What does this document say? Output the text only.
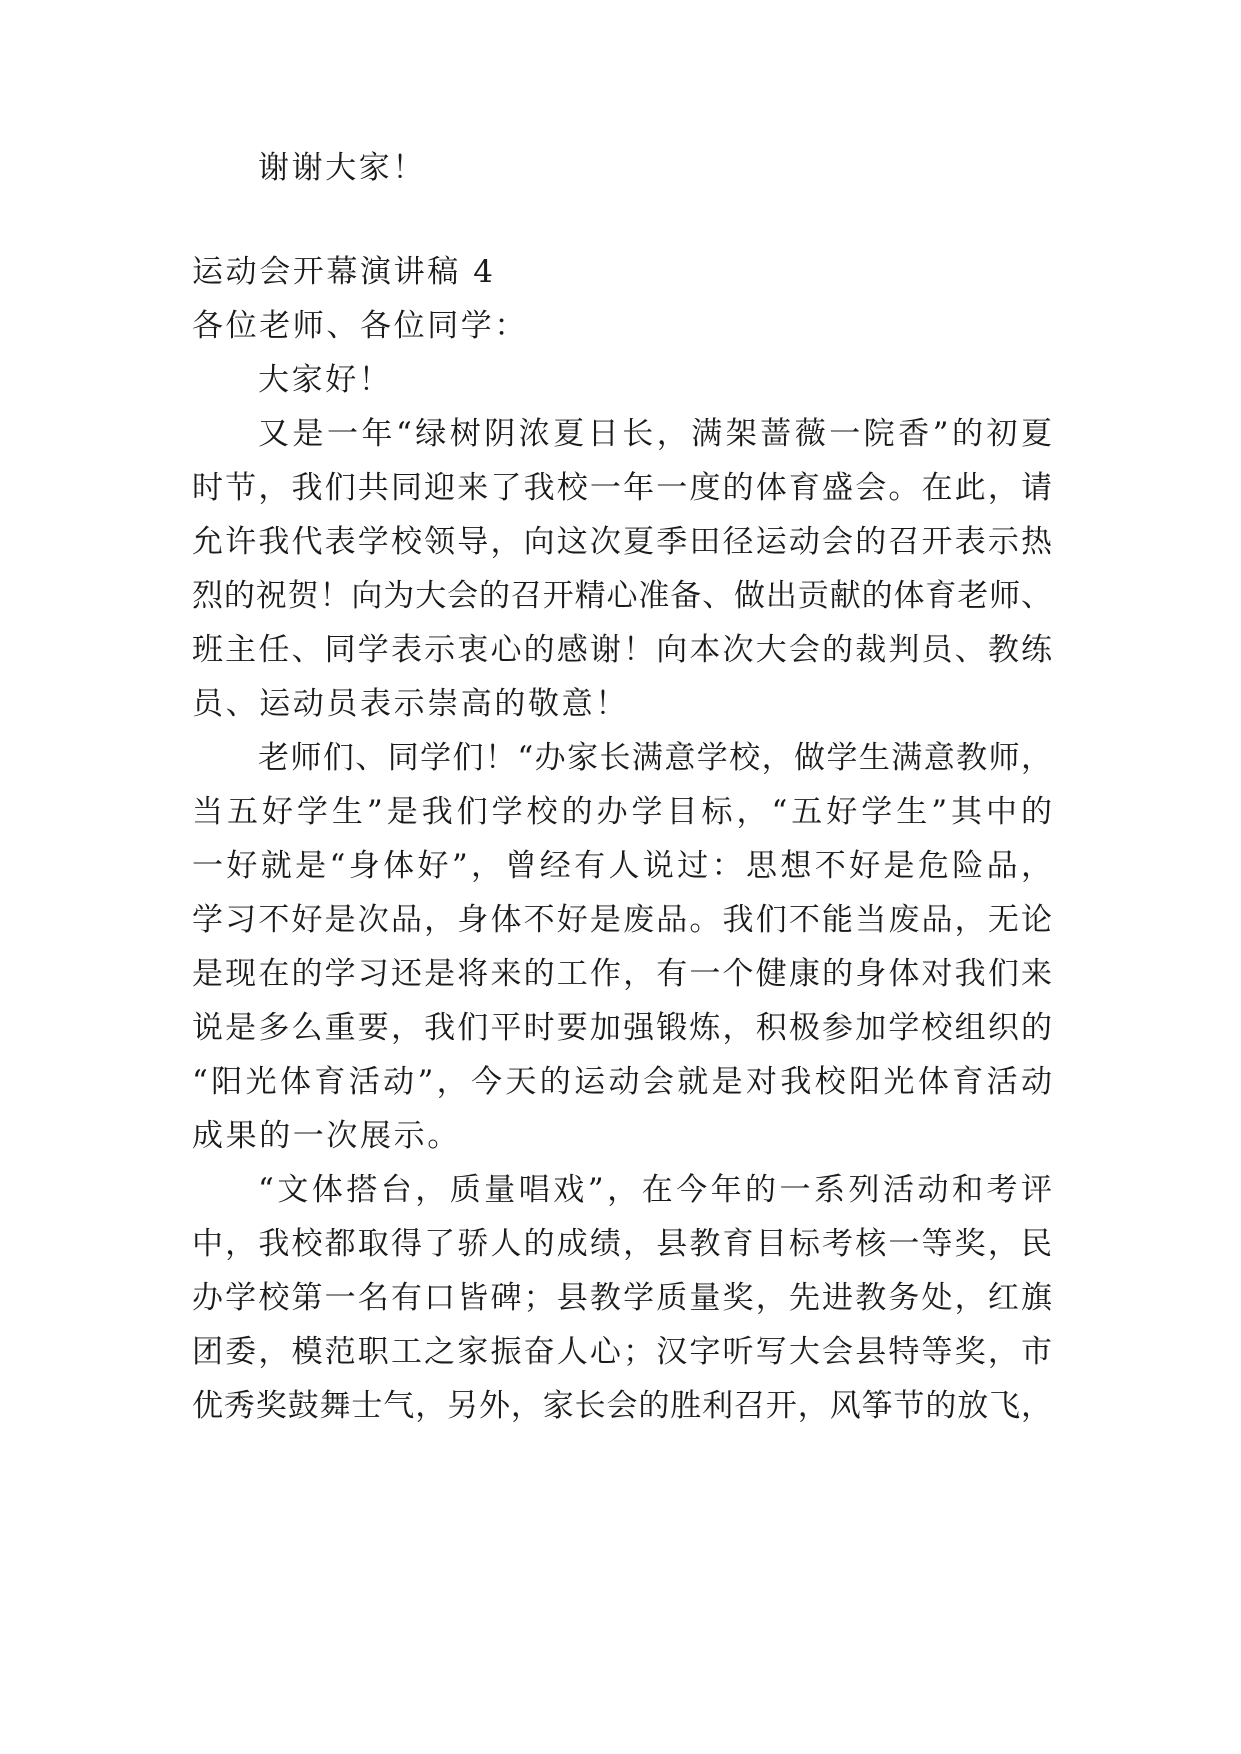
谢谢大家！
运动会开幕演讲稿 4
各位老师、各位同学：
大家好！
又是一年“绿树阴浓夏日长，满架蔷薇一院香”的初夏
时节，我们共同迎来了我校一年一度的体育盛会。在此，请
允许我代表学校领导，向这次夏季田径运动会的召开表示热
烈的祝贺！向为大会的召开精心准备、做出贡献的体育老师、
班主任、同学表示衷心的感谢！向本次大会的裁判员、教练
员、运动员表示崇高的敬意！
老师们、同学们！“办家长满意学校，做学生满意教师，
当五好学生”是我们学校的办学目标，“五好学生”其中的
一好就是“身体好”，曾经有人说过：思想不好是危险品，
学习不好是次品，身体不好是废品。我们不能当废品，无论
是现在的学习还是将来的工作，有一个健康的身体对我们来
说是多么重要，我们平时要加强锻炼，积极参加学校组织的
“阳光体育活动”，今天的运动会就是对我校阳光体育活动
成果的一次展示。
“文体搭台，质量唱戏”，在今年的一系列活动和考评
中，我校都取得了骄人的成绩，县教育目标考核一等奖，民
办学校第一名有口皆碑；县教学质量奖，先进教务处，红旗
团委，模范职工之家振奋人心；汉字听写大会县特等奖，市
优秀奖鼓舞士气，另外，家长会的胜利召开，风筝节的放飞，
